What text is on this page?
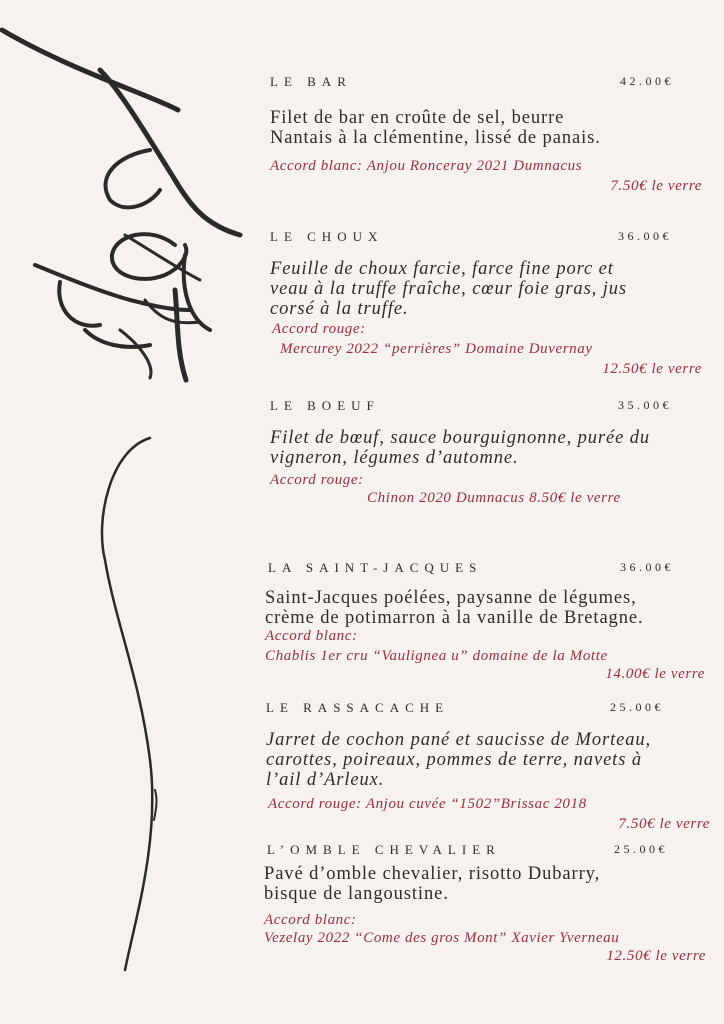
LE BAR	42.00€
Filet de bar en croûte de sel, beurre
Nantais à la clémentine, lissé de panais.
Accord blanc: Anjou Ronceray 2021 Dumnacus
7.50€ le verre
LE CHOUX	36.00€
Feuille de choux farcie, farce fine porc et
veau à la truffe fraîche, cœur foie gras, jus
corsé à la truffe.
Accord rouge:
Mercurey 2022 “perrières” Domaine Duvernay
12.50€ le verre
LE BOEUF	35.00€
Filet de bœuf, sauce bourguignonne, purée du
vigneron, légumes d’automne.
Accord rouge:
Chinon 2020 Dumnacus 8.50€ le verre
LA SAINT-JACQUES	36.00€
Saint-Jacques poélées, paysanne de légumes,
crème de potimarron à la vanille de Bretagne.
Accord blanc:
Chablis 1er cru “Vaulignea u” domaine de la Motte
14.00€ le verre
LE RASSACACHE	25.00€
Jarret de cochon pané et saucisse de Morteau,
carottes, poireaux, pommes de terre, navets à
l’ail d’Arleux.
Accord rouge: Anjou cuvée “1502”Brissac 2018
7.50€ le verre
L’OMBLE CHEVALIER	25.00€
Pavé d’omble chevalier, risotto Dubarry,
bisque de langoustine.
Accord blanc:
Vezelay 2022 “Come des gros Mont” Xavier Yverneau
12.50€ le verre
